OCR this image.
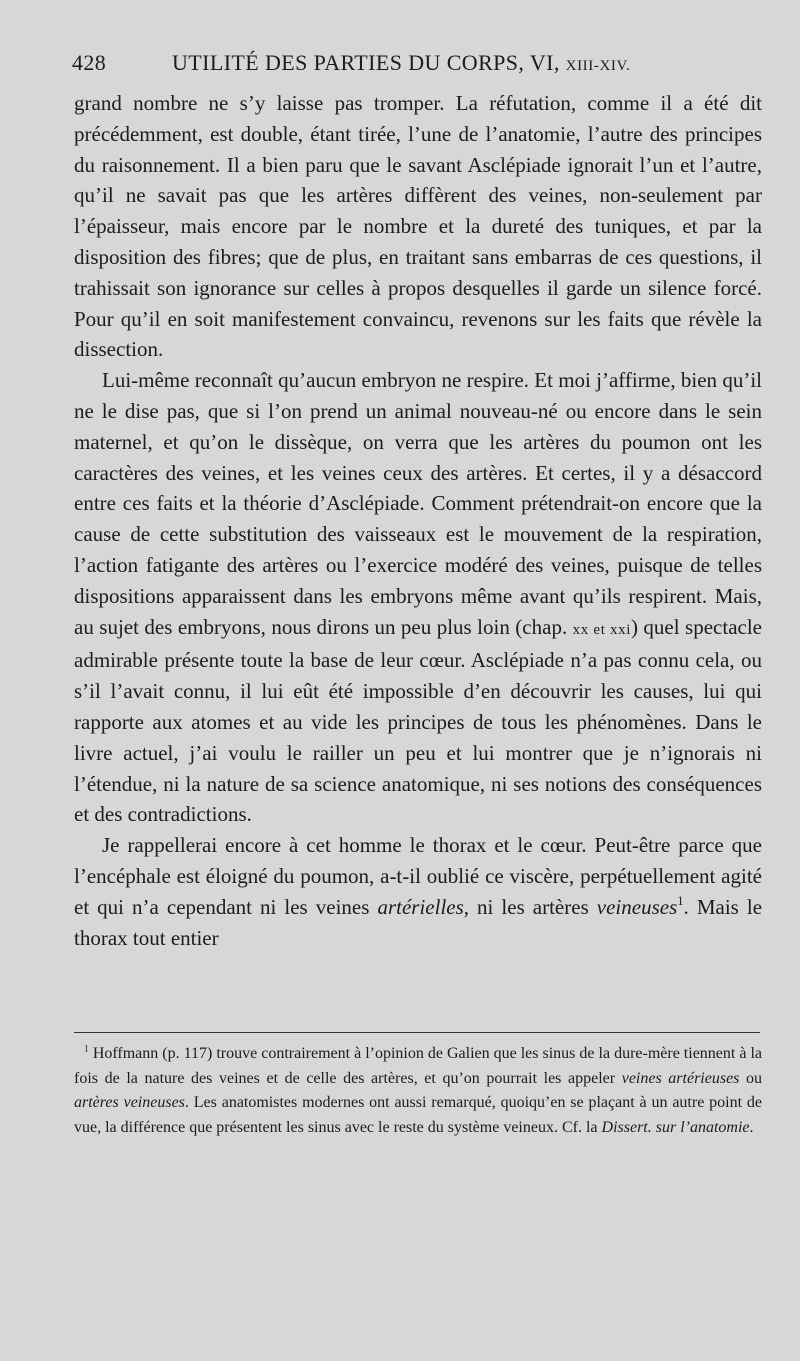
428	UTILITÉ DES PARTIES DU CORPS, VI, XIII-XIV.

grand nombre ne s’y laisse pas tromper. La réfutation, comme il a été dit précédemment, est double, étant tirée, l’une de l’anatomie, l’autre des principes du raisonnement. Il a bien paru que le savant Asclépiade ignorait l’un et l’autre, qu’il ne savait pas que les artères diffèrent des veines, non-seulement par l’épaisseur, mais encore par le nombre et la dureté des tuniques, et par la disposition des fibres; que de plus, en traitant sans embarras de ces questions, il trahissait son ignorance sur celles à propos desquelles il garde un silence forcé. Pour qu’il en soit manifestement convaincu, revenons sur les faits que révèle la dissection.

Lui-même reconnaît qu’aucun embryon ne respire. Et moi j’affirme, bien qu’il ne le dise pas, que si l’on prend un animal nouveau-né ou encore dans le sein maternel, et qu’on le dissèque, on verra que les artères du poumon ont les caractères des veines, et les veines ceux des artères. Et certes, il y a désaccord entre ces faits et la théorie d’Asclépiade. Comment prétendrait-on encore que la cause de cette substitution des vaisseaux est le mouvement de la respiration, l’action fatigante des artères ou l’exercice modéré des veines, puisque de telles dispositions apparaissent dans les embryons même avant qu’ils respirent. Mais, au sujet des embryons, nous dirons un peu plus loin (chap. xx et xxi) quel spectacle admirable présente toute la base de leur cœur. Asclépiade n’a pas connu cela, ou s’il l’avait connu, il lui eût été impossible d’en découvrir les causes, lui qui rapporte aux atomes et au vide les principes de tous les phénomènes. Dans le livre actuel, j’ai voulu le railler un peu et lui montrer que je n’ignorais ni l’étendue, ni la nature de sa science anatomique, ni ses notions des conséquences et des contradictions.

Je rappellerai encore à cet homme le thorax et le cœur. Peut-être parce que l’encéphale est éloigné du poumon, a-t-il oublié ce viscère, perpétuellement agité et qui n’a cependant ni les veines artérielles, ni les artères veineuses$^1$. Mais le thorax tout entier

$^1$ Hoffmann (p. 117) trouve contrairement à l’opinion de Galien que les sinus de la dure-mère tiennent à la fois de la nature des veines et de celle des artères, et qu’on pourrait les appeler veines artérieuses ou artères veineuses. Les anatomistes modernes ont aussi remarqué, quoiqu’en se plaçant à un autre point de vue, la différence que présentent les sinus avec le reste du système veineux. Cf. la Dissert. sur l’anatomie.
